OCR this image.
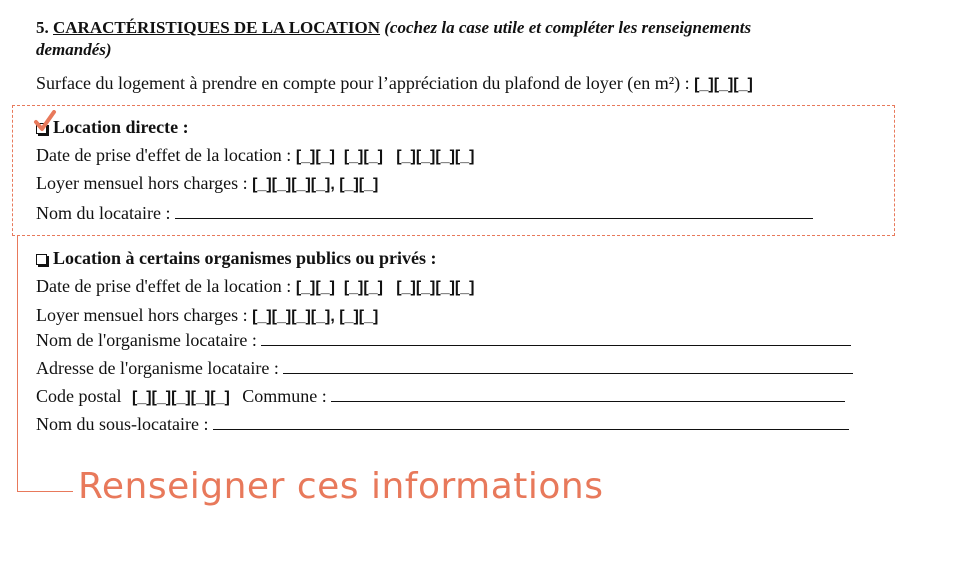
5. CARACTÉRISTIQUES DE LA LOCATION (cochez la case utile et compléter les renseignements
demandés)
Surface du logement à prendre en compte pour l’appréciation du plafond de loyer (en m²) : [_][_][_]
Location directe :
Date de prise d'effet de la location : [_][_]  [_][_]   [_][_][_][_]
Loyer mensuel hors charges : [_][_][_][_], [_][_]
Nom du locataire :
Location à certains organismes publics ou privés :
Date de prise d'effet de la location : [_][_]  [_][_]   [_][_][_][_]
Loyer mensuel hors charges : [_][_][_][_], [_][_]
Nom de l'organisme locataire :
Adresse de l'organisme locataire :
Code postal [_][_][_][_][_] Commune :
Nom du sous-locataire :
Renseigner ces informations
